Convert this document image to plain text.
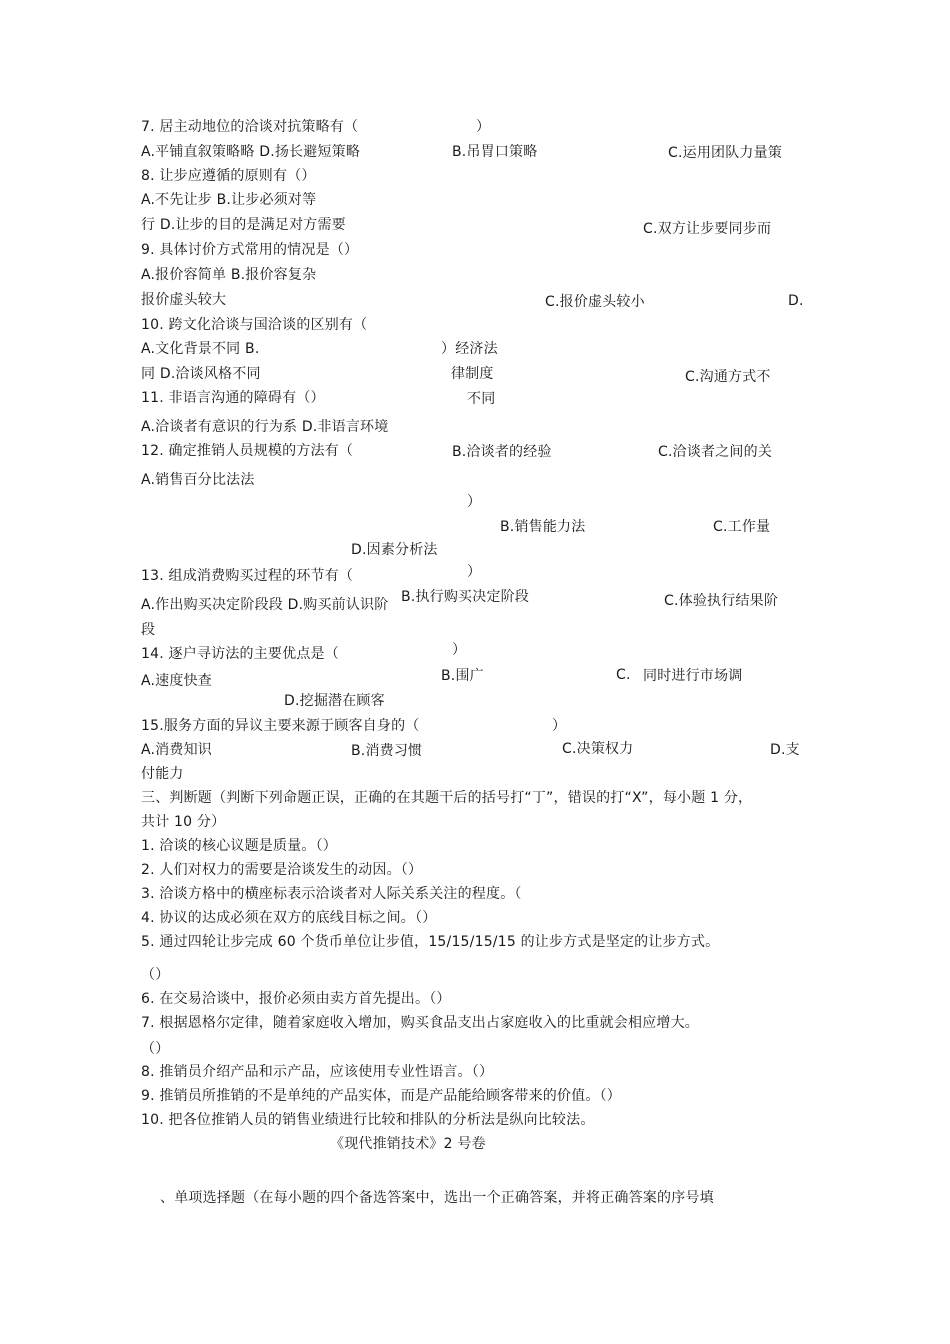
7. 居主动地位的洽谈对抗策略有（	）
A.平铺直叙策略略 D.扬长避短策略	B.吊胃口策略	C.运用团队力量策
8. 让步应遵循的原则有（）
A.不先让步 B.让步必须对等
行 D.让步的目的是满足对方需要	C.双方让步要同步而
9. 具体讨价方式常用的情况是（）
A.报价容简单 B.报价容复杂
报价虚头较大	C.报价虚头较小	D.
10. 跨文化洽谈与国洽谈的区别有（
A.文化背景不同 B.	）经济法
同 D.洽谈风格不同	律制度	C.沟通方式不
11. 非语言沟通的障碍有（）	不同
A.洽谈者有意识的行为系 D.非语言环境
12. 确定推销人员规模的方法有（	B.洽谈者的经验	C.洽谈者之间的关
A.销售百分比法法
）
B.销售能力法	C.工作量
D.因素分析法
13. 组成消费购买过程的环节有（	）
B.执行购买决定阶段
A.作出购买决定阶段段 D.购买前认识阶	C.体验执行结果阶
段
14. 逐户寻访法的主要优点是（	）
A.速度快查	B.围广	C. 同时进行市场调
D.挖掘潜在顾客
15.服务方面的异议主要来源于顾客自身的（	）
A.消费知识	B.消费习惯	C.决策权力	D.支
付能力
三、判断题（判断下列命题正误，正确的在其题干后的括号打“丁”，错误的打“X”，每小题 1 分，
共计 10 分）
1. 洽谈的核心议题是质量。（）
2. 人们对权力的需要是洽谈发生的动因。（）
3. 洽谈方格中的横座标表示洽谈者对人际关系关注的程度。（
4. 协议的达成必须在双方的底线目标之间。（）
5. 通过四轮让步完成 60 个货币单位让步值，15/15/15/15 的让步方式是坚定的让步方式。
（）
6. 在交易洽谈中，报价必须由卖方首先提出。（）
7. 根据恩格尔定律，随着家庭收入增加，购买食品支出占家庭收入的比重就会相应增大。
（）
8. 推销员介绍产品和示产品，应该使用专业性语言。（）
9. 推销员所推销的不是单纯的产品实体，而是产品能给顾客带来的价值。（）
10. 把各位推销人员的销售业绩进行比较和排队的分析法是纵向比较法。
《现代推销技术》2 号卷
、单项选择题（在每小题的四个备选答案中，选出一个正确答案，并将正确答案的序号填
